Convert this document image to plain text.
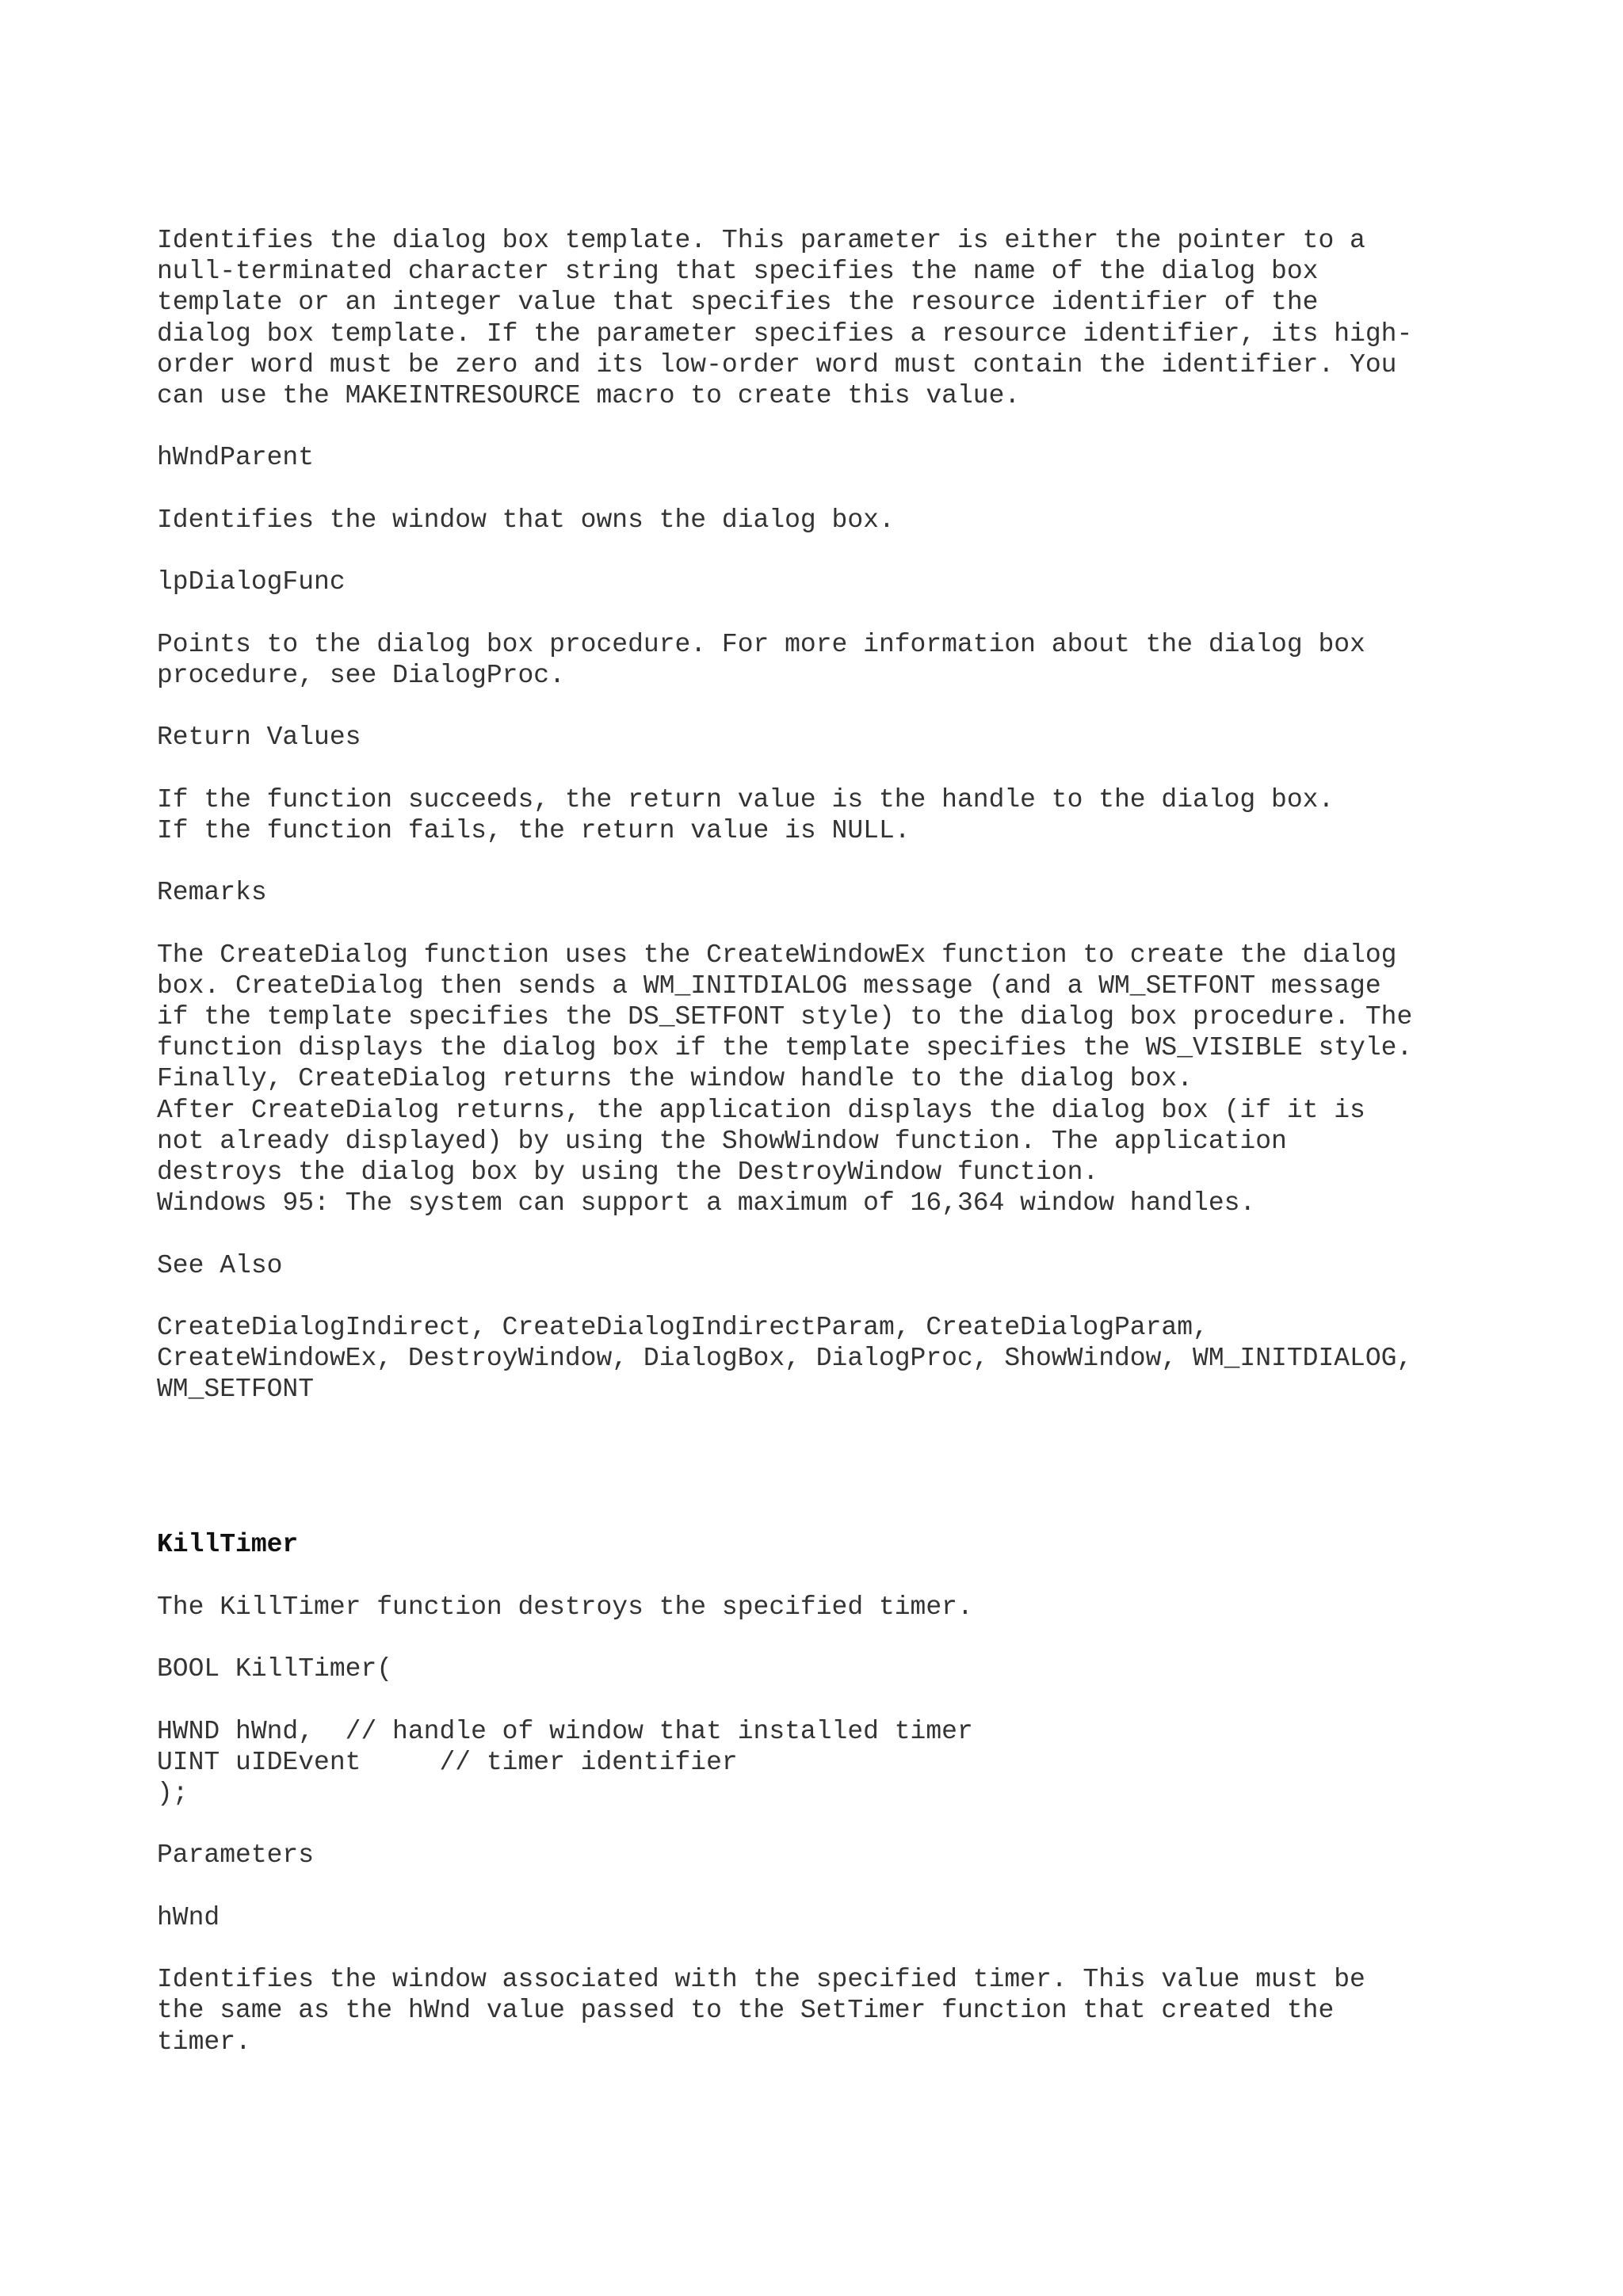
Identifies the dialog box template. This parameter is either the pointer to a

null-terminated character string that specifies the name of the dialog box

template or an integer value that specifies the resource identifier of the

dialog box template. If the parameter specifies a resource identifier, its high-

order word must be zero and its low-order word must contain the identifier. You

can use the MAKEINTRESOURCE macro to create this value.

hWndParent

Identifies the window that owns the dialog box.

lpDialogFunc

Points to the dialog box procedure. For more information about the dialog box

procedure, see DialogProc.

Return Values

If the function succeeds, the return value is the handle to the dialog box.

If the function fails, the return value is NULL.

Remarks

The CreateDialog function uses the CreateWindowEx function to create the dialog

box. CreateDialog then sends a WM_INITDIALOG message (and a WM_SETFONT message

if the template specifies the DS_SETFONT style) to the dialog box procedure. The

function displays the dialog box if the template specifies the WS_VISIBLE style.

Finally, CreateDialog returns the window handle to the dialog box.

After CreateDialog returns, the application displays the dialog box (if it is

not already displayed) by using the ShowWindow function. The application

destroys the dialog box by using the DestroyWindow function.

Windows 95: The system can support a maximum of 16,364 window handles.

See Also

CreateDialogIndirect, CreateDialogIndirectParam, CreateDialogParam,

CreateWindowEx, DestroyWindow, DialogBox, DialogProc, ShowWindow, WM_INITDIALOG,

WM_SETFONT

KillTimer

The KillTimer function destroys the specified timer.

BOOL KillTimer(

HWND hWnd,  // handle of window that installed timer

UINT uIDEvent     // timer identifier

);

Parameters

hWnd

Identifies the window associated with the specified timer. This value must be

the same as the hWnd value passed to the SetTimer function that created the

timer.
